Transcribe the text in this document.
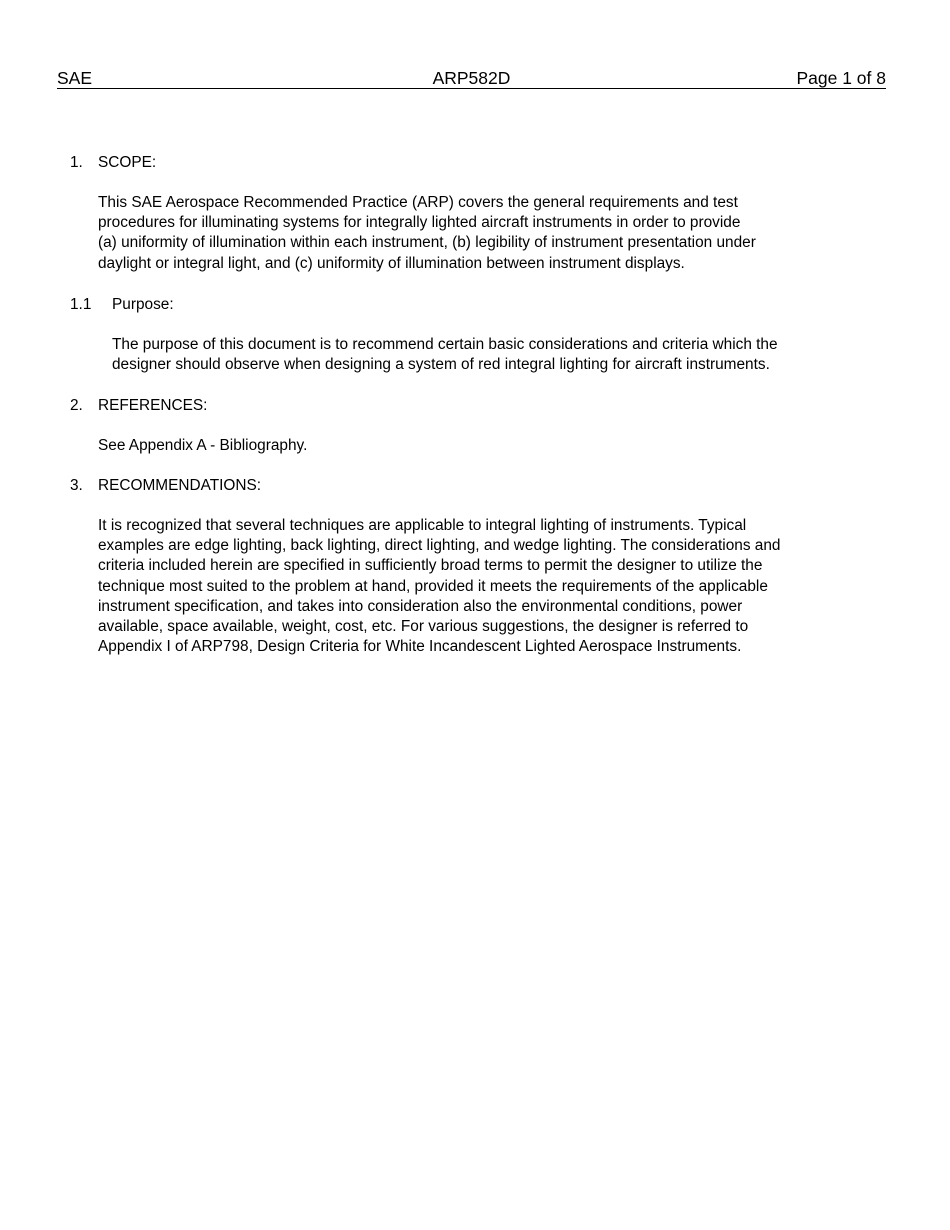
SAE	ARP582D	Page 1 of 8
1. SCOPE:
This SAE Aerospace Recommended Practice (ARP) covers the general requirements and test
procedures for illuminating systems for integrally lighted aircraft instruments in order to provide
(a) uniformity of illumination within each instrument, (b) legibility of instrument presentation under
daylight or integral light, and (c) uniformity of illumination between instrument displays.
1.1 Purpose:
The purpose of this document is to recommend certain basic considerations and criteria which the
designer should observe when designing a system of red integral lighting for aircraft instruments.
2. REFERENCES:
See Appendix A - Bibliography.
3. RECOMMENDATIONS:
It is recognized that several techniques are applicable to integral lighting of instruments. Typical
examples are edge lighting, back lighting, direct lighting, and wedge lighting. The considerations and
criteria included herein are specified in sufficiently broad terms to permit the designer to utilize the
technique most suited to the problem at hand, provided it meets the requirements of the applicable
instrument specification, and takes into consideration also the environmental conditions, power
available, space available, weight, cost, etc. For various suggestions, the designer is referred to
Appendix I of ARP798, Design Criteria for White Incandescent Lighted Aerospace Instruments.
